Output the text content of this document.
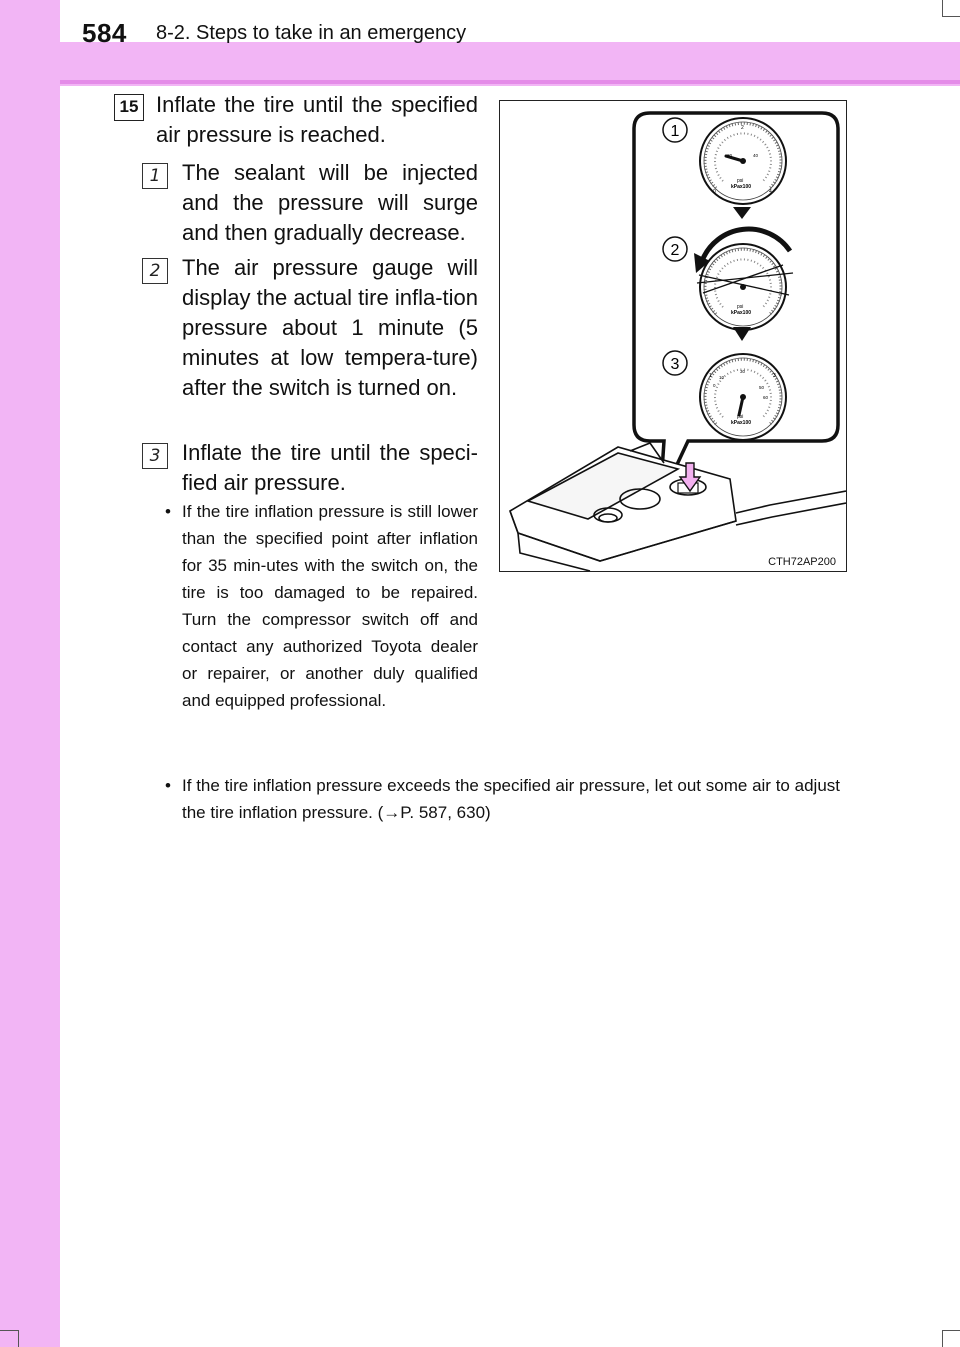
584 8-2. Steps to take in an emergency
15 Inflate the tire until the specified air pressure is reached.
1 The sealant will be injected and the pressure will surge and then gradually decrease.
2 The air pressure gauge will display the actual tire infla-tion pressure about 1 minute (5 minutes at low tempera-ture) after the switch is turned on.
3 Inflate the tire until the speci-fied air pressure.
• If the tire inflation pressure is still lower than the specified point after inflation for 35 min-utes with the switch on, the tire is too damaged to be repaired. Turn the compressor switch off and contact any authorized Toyota dealer or repairer, or another duly qualified and equipped professional.
• If the tire inflation pressure exceeds the specified air pressure, let out some air to adjust the tire inflation pressure. (→P. 587, 630)
psi
kPax100
0
2
4
20	40
psi
kPax100
psi
kPax100
0
10
30
50
60
1	3
1
2
3
CTH72AP200
